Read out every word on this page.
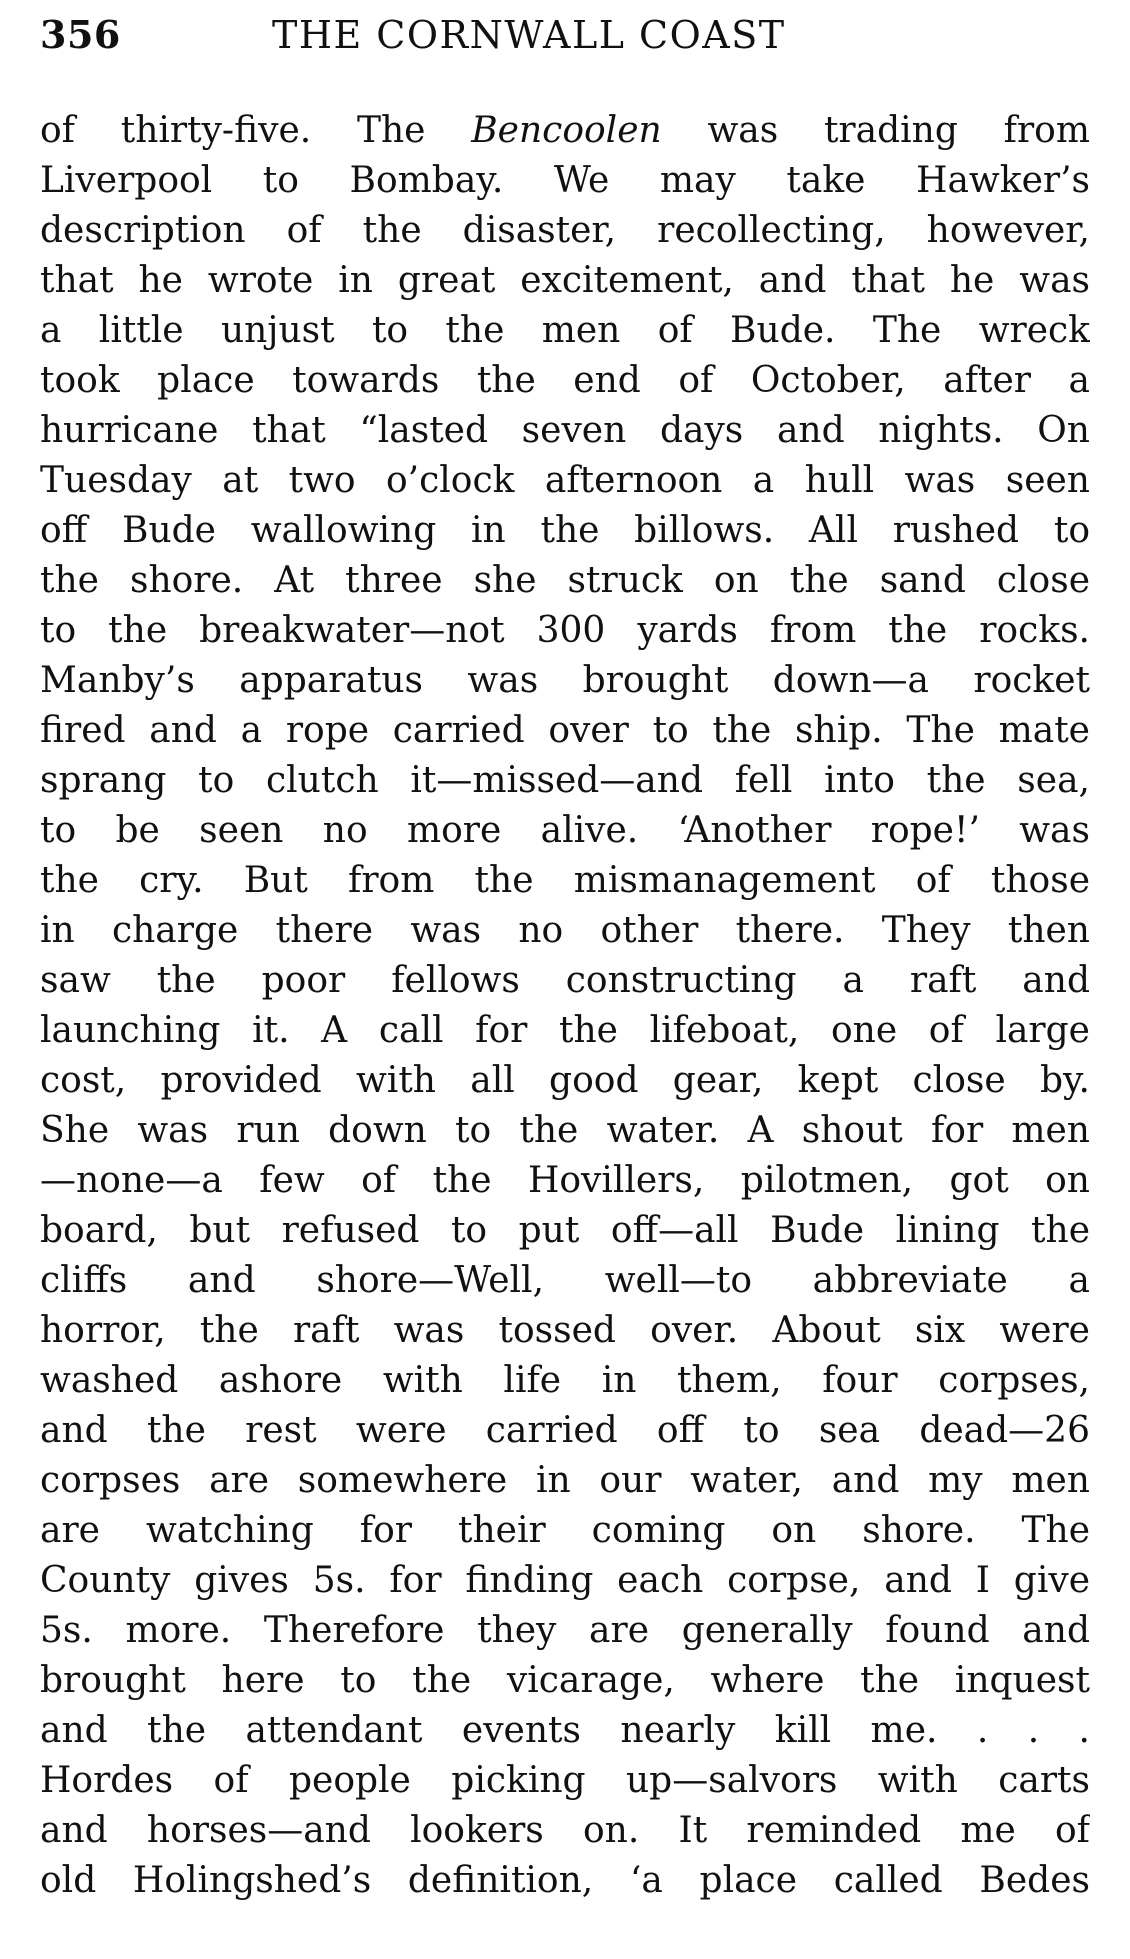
356	THE CORNWALL COAST
of thirty-five. The Bencoolen was trading from
Liverpool to Bombay. We may take Hawker’s
description of the disaster, recollecting, however,
that he wrote in great excitement, and that he was
a little unjust to the men of Bude. The wreck
took place towards the end of October, after a
hurricane that “lasted seven days and nights. On
Tuesday at two o’clock afternoon a hull was seen
off Bude wallowing in the billows. All rushed to
the shore. At three she struck on the sand close
to the breakwater—not 300 yards from the rocks.
Manby’s apparatus was brought down—a rocket
fired and a rope carried over to the ship. The mate
sprang to clutch it—missed—and fell into the sea,
to be seen no more alive. ‘Another rope!’ was
the cry. But from the mismanagement of those
in charge there was no other there. They then
saw the poor fellows constructing a raft and
launching it. A call for the lifeboat, one of large
cost, provided with all good gear, kept close by.
She was run down to the water. A shout for men
—none—a few of the Hovillers, pilotmen, got on
board, but refused to put off—all Bude lining the
cliffs and shore—Well, well—to abbreviate a
horror, the raft was tossed over. About six were
washed ashore with life in them, four corpses,
and the rest were carried off to sea dead—26
corpses are somewhere in our water, and my men
are watching for their coming on shore. The
County gives 5s. for finding each corpse, and I give
5s. more. Therefore they are generally found and
brought here to the vicarage, where the inquest
and the attendant events nearly kill me. . . .
Hordes of people picking up—salvors with carts
and horses—and lookers on. It reminded me of
old Holingshed’s definition, ‘a place called Bedes
